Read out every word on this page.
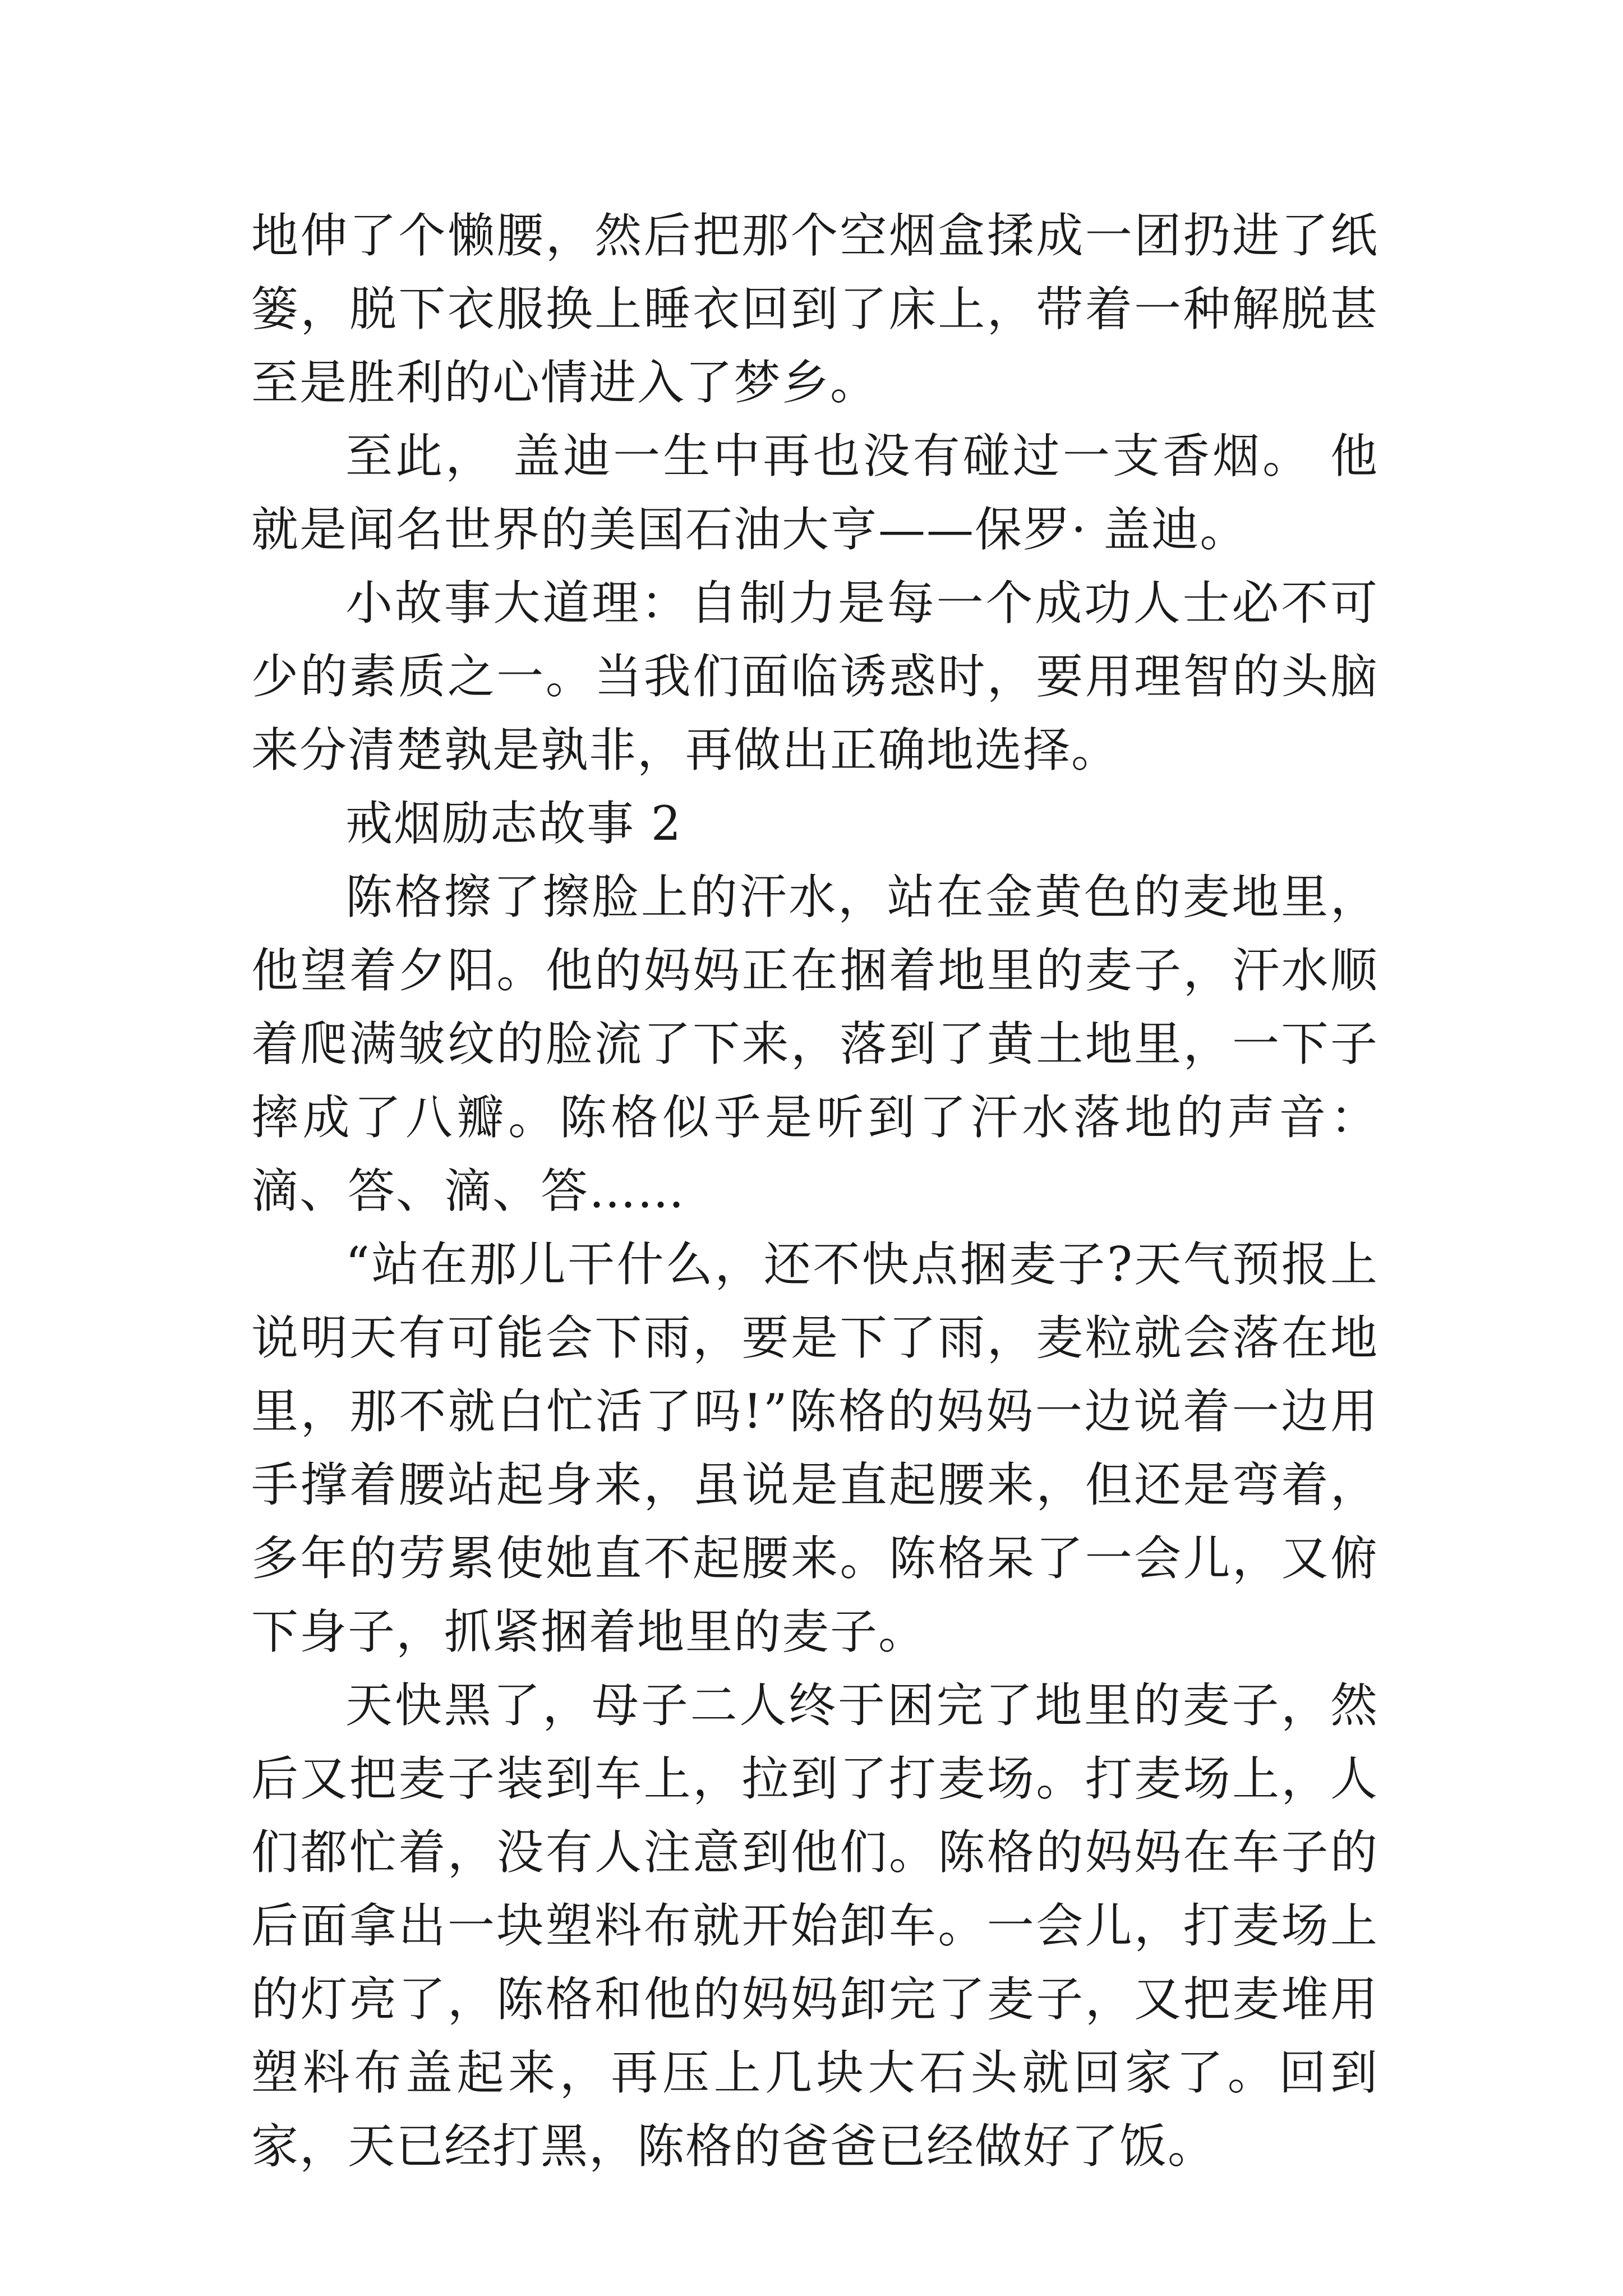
地伸了个懒腰，然后把那个空烟盒揉成一团扔进了纸篓，脱下衣服换上睡衣回到了床上，带着一种解脱甚至是胜利的心情进入了梦乡。

至此， 盖迪一生中再也没有碰过一支香烟。 他就是闻名世界的美国石油大亨——保罗· 盖迪。

小故事大道理：自制力是每一个成功人士必不可少的素质之一。当我们面临诱惑时，要用理智的头脑来分清楚孰是孰非，再做出正确地选择。

戒烟励志故事 2

陈格擦了擦脸上的汗水，站在金黄色的麦地里，他望着夕阳。他的妈妈正在捆着地里的麦子，汗水顺着爬满皱纹的脸流了下来，落到了黄土地里，一下子摔成了八瓣。陈格似乎是听到了汗水落地的声音：滴、答、滴、答……

“站在那儿干什么，还不快点捆麦子?天气预报上说明天有可能会下雨，要是下了雨，麦粒就会落在地里，那不就白忙活了吗!”陈格的妈妈一边说着一边用手撑着腰站起身来，虽说是直起腰来，但还是弯着，多年的劳累使她直不起腰来。陈格呆了一会儿，又俯下身子，抓紧捆着地里的麦子。

天快黑了，母子二人终于困完了地里的麦子，然后又把麦子装到车上，拉到了打麦场。打麦场上，人们都忙着，没有人注意到他们。陈格的妈妈在车子的后面拿出一块塑料布就开始卸车。一会儿，打麦场上的灯亮了，陈格和他的妈妈卸完了麦子，又把麦堆用塑料布盖起来，再压上几块大石头就回家了。回到家，天已经打黑，陈格的爸爸已经做好了饭。
